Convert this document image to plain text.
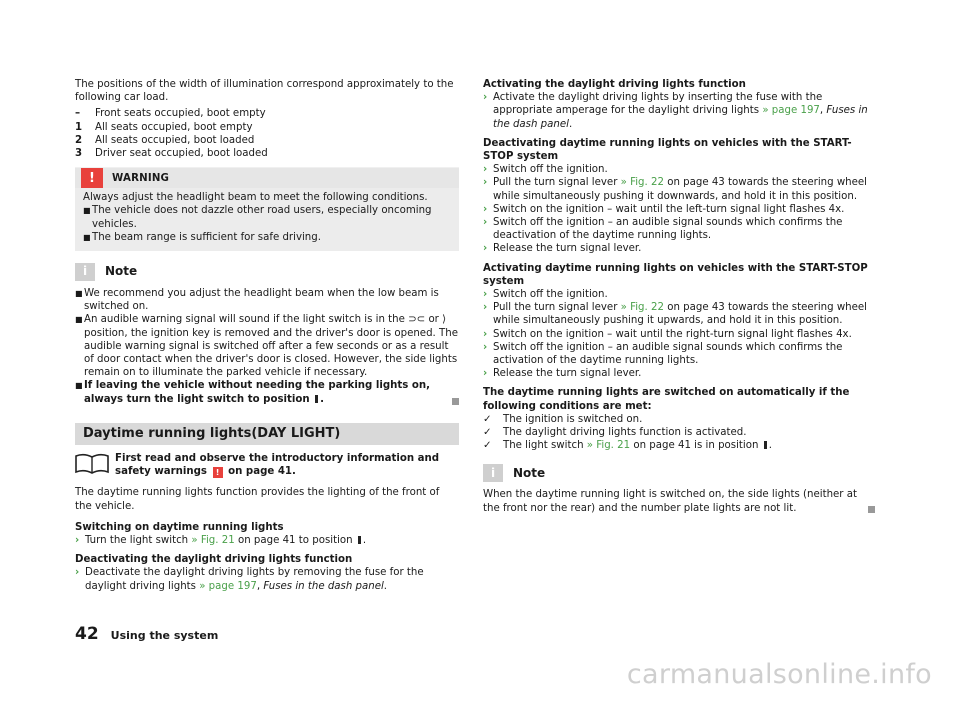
The positions of the width of illumination correspond approximately to the following car load.

–	Front seats occupied, boot empty
1	All seats occupied, boot empty
2	All seats occupied, boot loaded
3	Driver seat occupied, boot loaded
!	WARNING

Always adjust the headlight beam to meet the following conditions.

■ The vehicle does not dazzle other road users, especially oncoming vehicles.
■ The beam range is sufficient for safe driving.
i	Note
■ We recommend you adjust the headlight beam when the low beam is switched on.
■ An audible warning signal will sound if the light switch is in the ⊃⊂ or ⟩ position, the ignition key is removed and the driver's door is opened. The audible warning signal is switched off after a few seconds or as a result of door contact when the driver's door is closed. However, the side lights remain on to illuminate the parked vehicle if necessary.
■ If leaving the vehicle without needing the parking lights on, always turn the light switch to position .
Daytime running lights(DAY LIGHT)

First read and observe the introductory information and safety warnings ! on page 41.

The daytime running lights function provides the lighting of the front of the vehicle.

Switching on daytime running lights

› Turn the light switch » Fig. 21 on page 41 to position .

Deactivating the daylight driving lights function

› Deactivate the daylight driving lights by removing the fuse for the daylight driving lights » page 197, Fuses in the dash panel.

Activating the daylight driving lights function

› Activate the daylight driving lights by inserting the fuse with the appropriate amperage for the daylight driving lights » page 197, Fuses in the dash panel.

Deactivating daytime running lights on vehicles with the START-STOP system

› Switch off the ignition.
› Pull the turn signal lever » Fig. 22 on page 43 towards the steering wheel while simultaneously pushing it downwards, and hold it in this position.
› Switch on the ignition – wait until the left-turn signal light flashes 4x.
› Switch off the ignition – an audible signal sounds which confirms the deactivation of the daytime running lights.
› Release the turn signal lever.

Activating daytime running lights on vehicles with the START-STOP system

› Switch off the ignition.
› Pull the turn signal lever » Fig. 22 on page 43 towards the steering wheel while simultaneously pushing it upwards, and hold it in this position.
› Switch on the ignition – wait until the right-turn signal light flashes 4x.
› Switch off the ignition – an audible signal sounds which confirms the activation of the daytime running lights.
› Release the turn signal lever.

The daytime running lights are switched on automatically if the following conditions are met:

✓	The ignition is switched on.
✓	The daylight driving lights function is activated.
✓	The light switch » Fig. 21 on page 41 is in position .
i	Note

When the daytime running light is switched on, the side lights (neither at the front nor the rear) and the number plate lights are not lit.

42 Using the system
carmanualsonline.info
